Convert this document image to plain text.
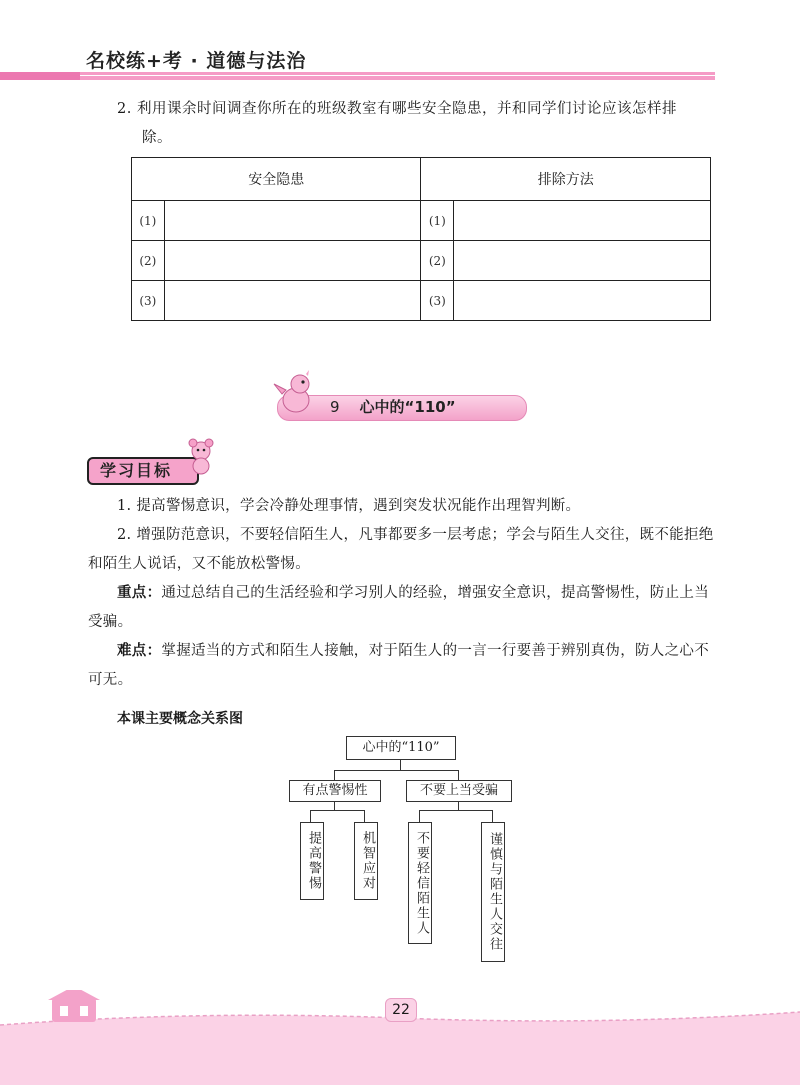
名校练+考 · 道德与法治
2. 利用课余时间调查你所在的班级教室有哪些安全隐患，并和同学们讨论应该怎样排
除。
安全隐患		排除方法	
(1)		(1)	
(2)		(2)	
(3)		(3)	
9 心中的“110”
学习目标

1. 提高警惕意识，学会冷静处理事情，遇到突发状况能作出理智判断。

2. 增强防范意识，不要轻信陌生人，凡事都要多一层考虑；学会与陌生人交往，既不能拒绝和陌生人说话，又不能放松警惕。

重点：通过总结自己的生活经验和学习别人的经验，增强安全意识，提高警惕性，防止上当受骗。

难点：掌握适当的方式和陌生人接触，对于陌生人的一言一行要善于辨别真伪，防人之心不可无。

本课主要概念关系图
心中的“110”
有点警惕性	不要上当受骗
提高警惕	机智应对	不要轻信陌生人	谨慎与陌生人交往
22
